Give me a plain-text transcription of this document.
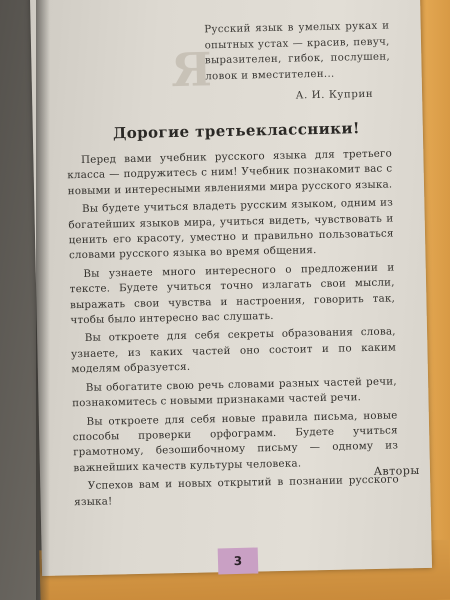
Я
Русский язык в умелых руках и опытных устах — красив, певуч, выразителен, гибок, послушен, ловок и вместителен...
А. И. Куприн
Дорогие третьеклассники!

Перед вами учебник русского языка для третьего класса — подружитесь с ним! Учебник познакомит вас с новыми и интересными явлениями мира русского языка.

Вы будете учиться владеть русским языком, одним из богатейших языков мира, учиться видеть, чувствовать и ценить его красоту, уместно и правильно пользоваться словами русского языка во время общения.

Вы узнаете много интересного о предложении и тексте. Будете учиться точно излагать свои мысли, выражать свои чувства и настроения, говорить так, чтобы было интересно вас слушать.

Вы откроете для себя секреты образования слова, узнаете, из каких частей оно состоит и по каким моделям образуется.

Вы обогатите свою речь словами разных частей речи, познакомитесь с новыми признаками частей речи.

Вы откроете для себя новые правила письма, новые способы проверки орфограмм. Будете учиться грамотному, безошибочному письму — одному из важнейших качеств культуры человека.

Успехов вам и новых открытий в познании русского языка!

Авторы
3
